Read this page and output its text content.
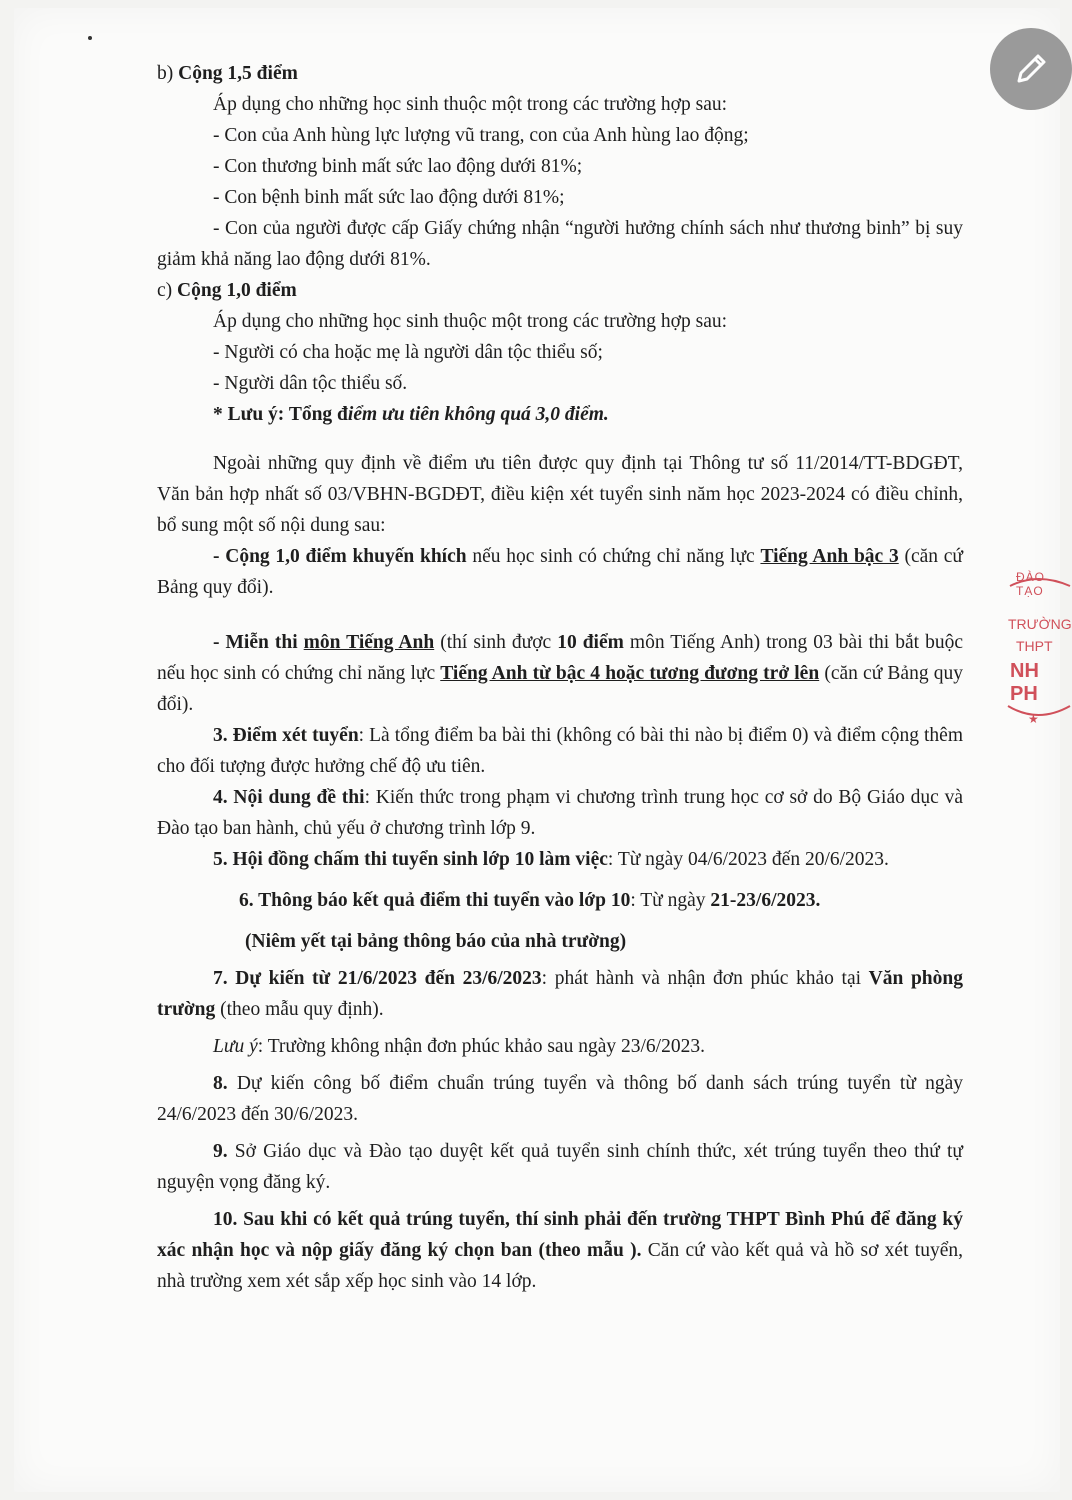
b) Cộng 1,5 điểm

Áp dụng cho những học sinh thuộc một trong các trường hợp sau:

- Con của Anh hùng lực lượng vũ trang, con của Anh hùng lao động;

- Con thương binh mất sức lao động dưới 81%;

- Con bệnh binh mất sức lao động dưới 81%;

- Con của người được cấp Giấy chứng nhận “người hưởng chính sách như thương binh” bị suy giảm khả năng lao động dưới 81%.

c) Cộng 1,0 điểm

Áp dụng cho những học sinh thuộc một trong các trường hợp sau:

- Người có cha hoặc mẹ là người dân tộc thiểu số;

- Người dân tộc thiểu số.

* Lưu ý: Tổng điểm ưu tiên không quá 3,0 điểm.

Ngoài những quy định về điểm ưu tiên được quy định tại Thông tư số 11/2014/TT-BDGĐT, Văn bản hợp nhất số 03/VBHN-BGDĐT, điều kiện xét tuyển sinh năm học 2023-2024 có điều chỉnh, bổ sung một số nội dung sau:

- Cộng 1,0 điểm khuyến khích nếu học sinh có chứng chỉ năng lực Tiếng Anh bậc 3 (căn cứ Bảng quy đổi).

- Miễn thi môn Tiếng Anh (thí sinh được 10 điểm môn Tiếng Anh) trong 03 bài thi bắt buộc nếu học sinh có chứng chỉ năng lực Tiếng Anh từ bậc 4 hoặc tương đương trở lên (căn cứ Bảng quy đổi).

3. Điểm xét tuyển: Là tổng điểm ba bài thi (không có bài thi nào bị điểm 0) và điểm cộng thêm cho đối tượng được hưởng chế độ ưu tiên.

4. Nội dung đề thi: Kiến thức trong phạm vi chương trình trung học cơ sở do Bộ Giáo dục và Đào tạo ban hành, chủ yếu ở chương trình lớp 9.

5. Hội đồng chấm thi tuyển sinh lớp 10 làm việc: Từ ngày 04/6/2023 đến 20/6/2023.

6. Thông báo kết quả điểm thi tuyển vào lớp 10: Từ ngày 21-23/6/2023.

(Niêm yết tại bảng thông báo của nhà trường)

7. Dự kiến từ 21/6/2023 đến 23/6/2023: phát hành và nhận đơn phúc khảo tại Văn phòng trường (theo mẫu quy định).

Lưu ý: Trường không nhận đơn phúc khảo sau ngày 23/6/2023.

8. Dự kiến công bố điểm chuẩn trúng tuyển và thông bố danh sách trúng tuyển từ ngày 24/6/2023 đến 30/6/2023.

9. Sở Giáo dục và Đào tạo duyệt kết quả tuyển sinh chính thức, xét trúng tuyển theo thứ tự nguyện vọng đăng ký.

10. Sau khi có kết quả trúng tuyển, thí sinh phải đến trường THPT Bình Phú để đăng ký xác nhận học và nộp giấy đăng ký chọn ban (theo mẫu ). Căn cứ vào kết quả và hồ sơ xét tuyển, nhà trường xem xét sắp xếp học sinh vào 14 lớp.

ĐÀO TẠO
TRƯỜNG
THPT
NH PH
★
